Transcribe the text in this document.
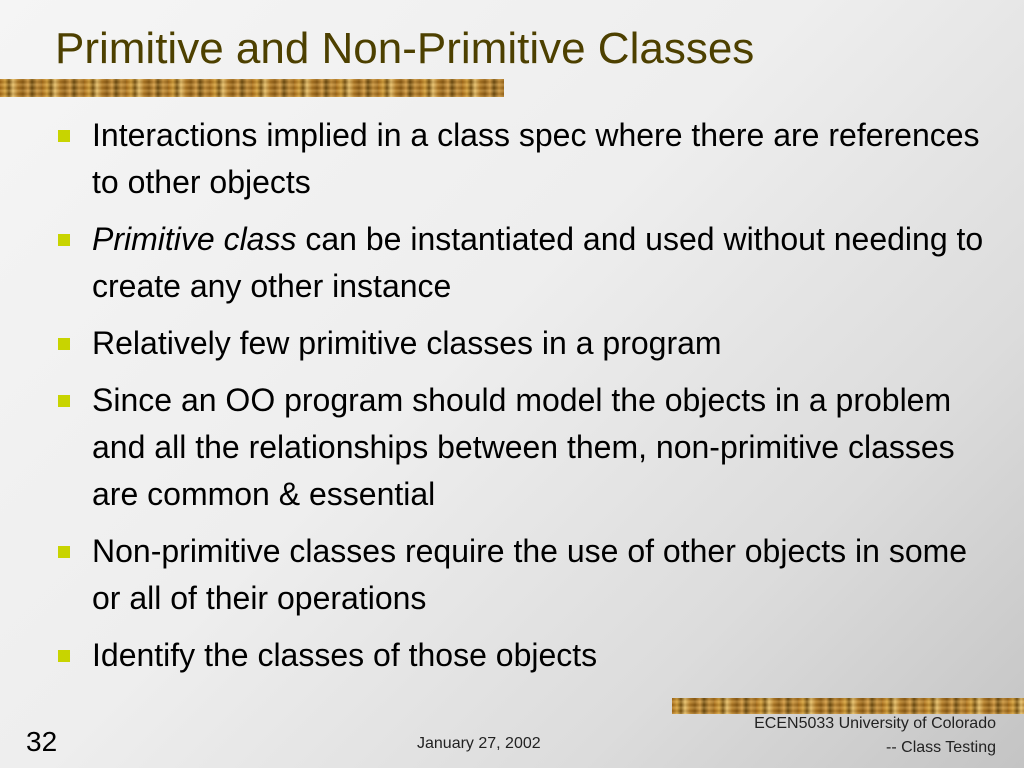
Primitive and Non-Primitive Classes
Interactions implied in a class spec where there are references to other objects
Primitive class can be instantiated and used without needing to create any other instance
Relatively few primitive classes in a program
Since an OO program should model the objects in a problem and all the relationships between them, non-primitive classes are common & essential
Non-primitive classes require the use of other objects in some or all of their operations
Identify the classes of those objects
32	January 27, 2002
ECEN5033 University of Colorado
-- Class Testing
